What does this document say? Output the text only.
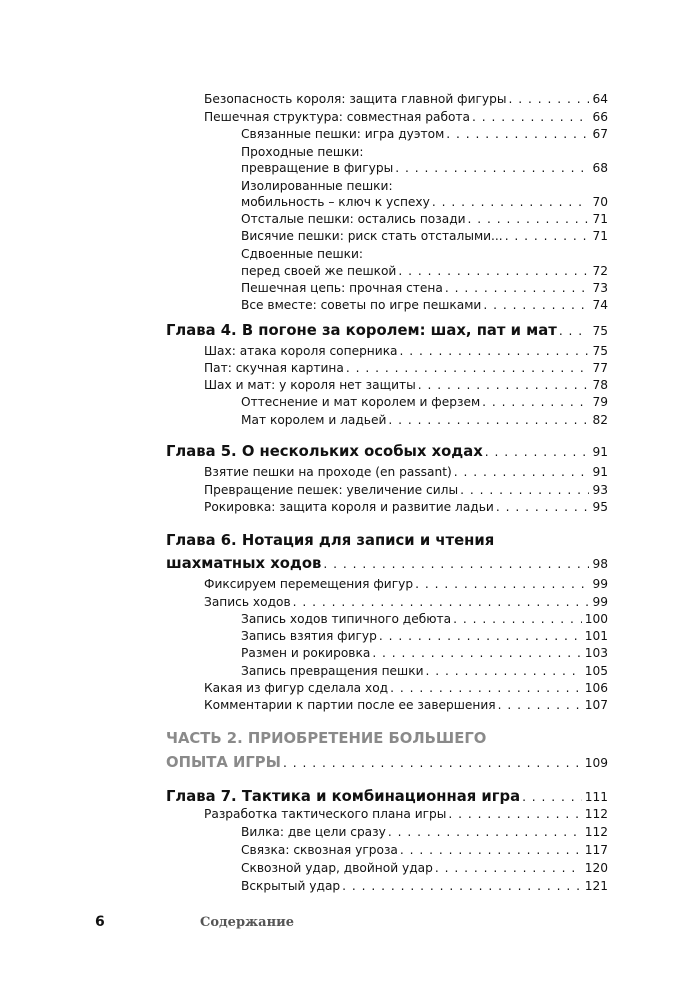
Безопасность короля: защита главной фигуры . . .	64
Пешечная структура: совместная работа . . .	66
Связанные пешки: игра дуэтом . . .	67
Проходные пешки:
превращение в фигуры . . .	68
Изолированные пешки:
мобильность – ключ к успеху . . .	70
Отсталые пешки: остались позади . . .	71
Висячие пешки: риск стать отсталыми... . . .	71
Сдвоенные пешки:
перед своей же пешкой . . .	72
Пешечная цепь: прочная стена . . .	73
Все вместе: советы по игре пешками . . .	74
Глава 4. В погоне за королем: шах, пат и мат . . .	75
Шах: атака короля соперника . . .	75
Пат: скучная картина . . .	77
Шах и мат: у короля нет защиты . . .	78
Оттеснение и мат королем и ферзем . . .	79
Мат королем и ладьей . . .	82
Глава 5. О нескольких особых ходах . . .	91
Взятие пешки на проходе (en passant) . . .	91
Превращение пешек: увеличение силы . . .	93
Рокировка: защита короля и развитие ладьи . . .	95
Глава 6. Нотация для записи и чтения
шахматных ходов . . .	98
Фиксируем перемещения фигур . . .	99
Запись ходов . . .	99
Запись ходов типичного дебюта . . .	100
Запись взятия фигур . . .	101
Размен и рокировка . . .	103
Запись превращения пешки . . .	105
Какая из фигур сделала ход . . .	106
Комментарии к партии после ее завершения . . .	107
ЧАСТЬ 2. ПРИОБРЕТЕНИЕ БОЛЬШЕГО
ОПЫТА ИГРЫ . . .	109
Глава 7. Тактика и комбинационная игра . . .	111
Разработка тактического плана игры . . .	112
Вилка: две цели сразу . . .	112
Связка: сквозная угроза . . .	117
Сквозной удар, двойной удар . . .	120
Вскрытый удар . . .	121
6	Содержание
